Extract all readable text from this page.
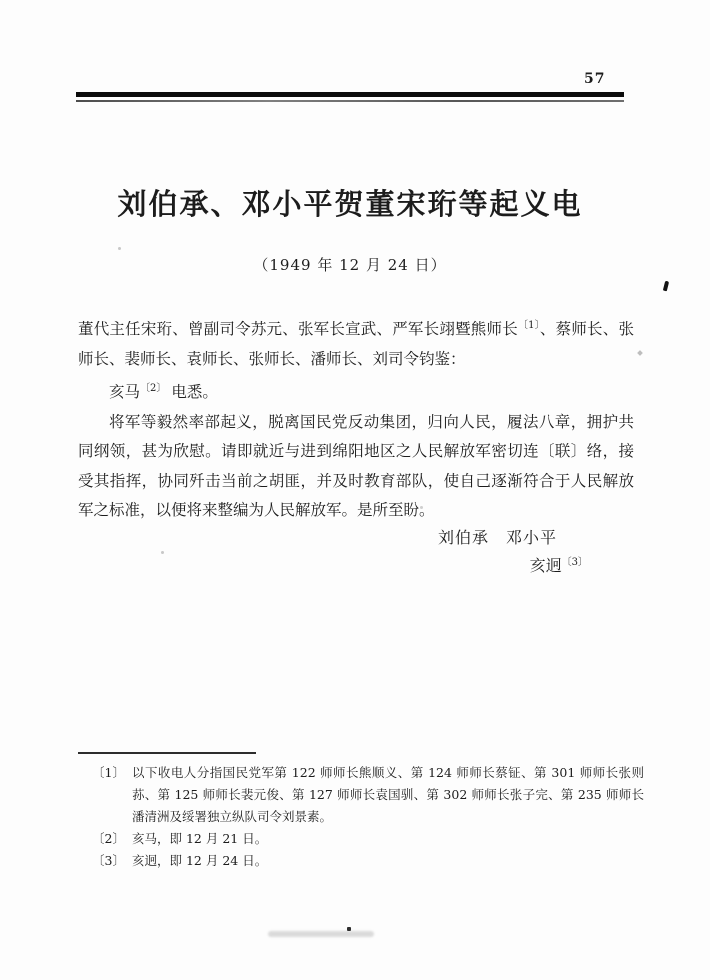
57
刘伯承、邓小平贺董宋珩等起义电
（1949 年 12 月 24 日）

董代主任宋珩、曾副司令苏元、张军长宣武、严军长翊暨熊师长$^{〔1〕}$、蔡师长、张师长、裴师长、袁师长、张师长、潘师长、刘司令钧鉴：

亥马$^{〔2〕}$ 电悉。

将军等毅然率部起义，脱离国民党反动集团，归向人民，履法八章，拥护共同纲领，甚为欣慰。请即就近与进到绵阳地区之人民解放军密切连〔联〕络，接受其指挥，协同歼击当前之胡匪，并及时教育部队，使自己逐渐符合于人民解放军之标准，以便将来整编为人民解放军。是所至盼。

刘伯承　邓小平
亥迥$^{〔3〕}$
〔1〕 以下收电人分指国民党军第 122 师师长熊顺义、第 124 师师长蔡钲、第 301 师师长张则荪、第 125 师师长裴元俊、第 127 师师长袁国驯、第 302 师师长张子完、第 235 师师长潘清洲及绥署独立纵队司令刘景素。
〔2〕 亥马，即 12 月 21 日。
〔3〕 亥迥，即 12 月 24 日。
